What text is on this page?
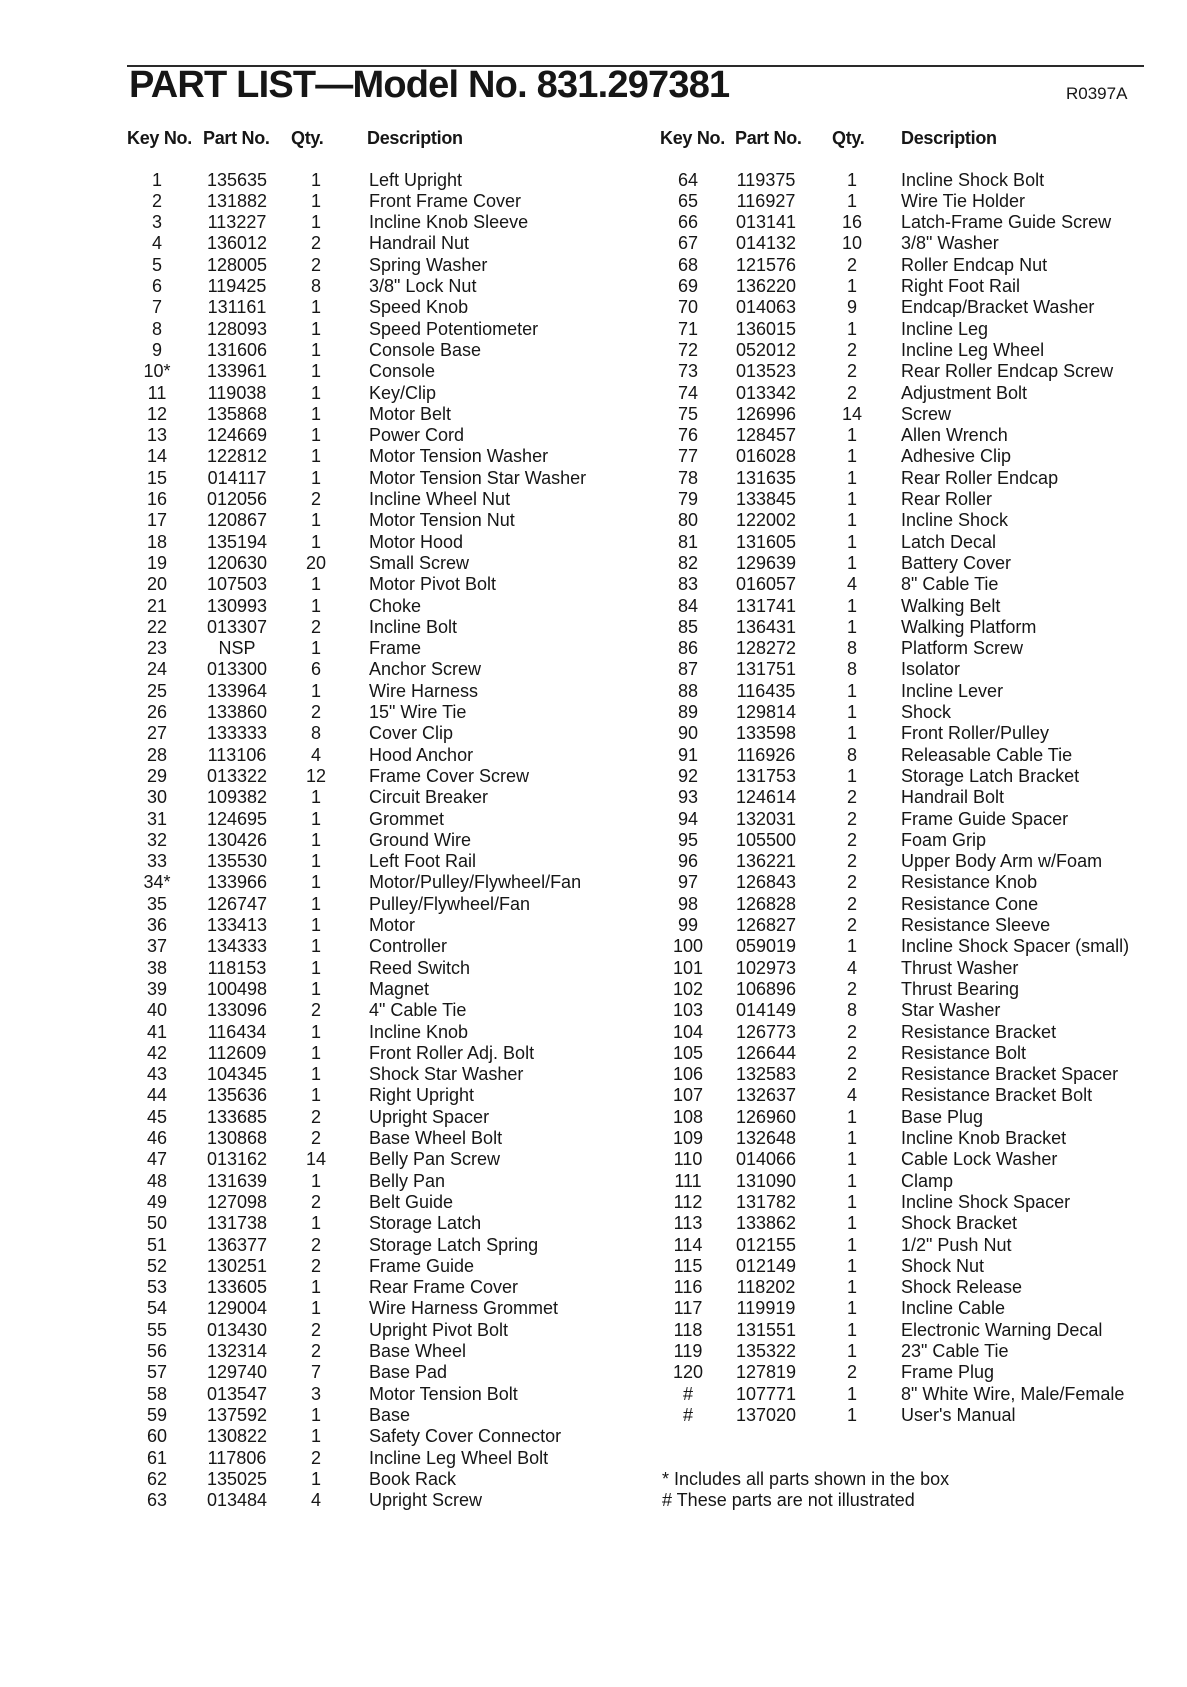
PART LIST—Model No. 831.297381	R0397A
Key No. Part No. Qty. Description	Key No. Part No. Qty. Description
1	135635	1	Left Upright
2	131882	1	Front Frame Cover
3	113227	1	Incline Knob Sleeve
4	136012	2	Handrail Nut
5	128005	2	Spring Washer
6	119425	8	3/8" Lock Nut
7	131161	1	Speed Knob
8	128093	1	Speed Potentiometer
9	131606	1	Console Base
10*	133961	1	Console
11	119038	1	Key/Clip
12	135868	1	Motor Belt
13	124669	1	Power Cord
14	122812	1	Motor Tension Washer
15	014117	1	Motor Tension Star Washer
16	012056	2	Incline Wheel Nut
17	120867	1	Motor Tension Nut
18	135194	1	Motor Hood
19	120630	20	Small Screw
20	107503	1	Motor Pivot Bolt
21	130993	1	Choke
22	013307	2	Incline Bolt
23	NSP	1	Frame
24	013300	6	Anchor Screw
25	133964	1	Wire Harness
26	133860	2	15" Wire Tie
27	133333	8	Cover Clip
28	113106	4	Hood Anchor
29	013322	12	Frame Cover Screw
30	109382	1	Circuit Breaker
31	124695	1	Grommet
32	130426	1	Ground Wire
33	135530	1	Left Foot Rail
34*	133966	1	Motor/Pulley/Flywheel/Fan
35	126747	1	Pulley/Flywheel/Fan
36	133413	1	Motor
37	134333	1	Controller
38	118153	1	Reed Switch
39	100498	1	Magnet
40	133096	2	4" Cable Tie
41	116434	1	Incline Knob
42	112609	1	Front Roller Adj. Bolt
43	104345	1	Shock Star Washer
44	135636	1	Right Upright
45	133685	2	Upright Spacer
46	130868	2	Base Wheel Bolt
47	013162	14	Belly Pan Screw
48	131639	1	Belly Pan
49	127098	2	Belt Guide
50	131738	1	Storage Latch
51	136377	2	Storage Latch Spring
52	130251	2	Frame Guide
53	133605	1	Rear Frame Cover
54	129004	1	Wire Harness Grommet
55	013430	2	Upright Pivot Bolt
56	132314	2	Base Wheel
57	129740	7	Base Pad
58	013547	3	Motor Tension Bolt
59	137592	1	Base
60	130822	1	Safety Cover Connector
61	117806	2	Incline Leg Wheel Bolt
62	135025	1	Book Rack
63	013484	4	Upright Screw
64	119375	1	Incline Shock Bolt
65	116927	1	Wire Tie Holder
66	013141	16	Latch-Frame Guide Screw
67	014132	10	3/8" Washer
68	121576	2	Roller Endcap Nut
69	136220	1	Right Foot Rail
70	014063	9	Endcap/Bracket Washer
71	136015	1	Incline Leg
72	052012	2	Incline Leg Wheel
73	013523	2	Rear Roller Endcap Screw
74	013342	2	Adjustment Bolt
75	126996	14	Screw
76	128457	1	Allen Wrench
77	016028	1	Adhesive Clip
78	131635	1	Rear Roller Endcap
79	133845	1	Rear Roller
80	122002	1	Incline Shock
81	131605	1	Latch Decal
82	129639	1	Battery Cover
83	016057	4	8" Cable Tie
84	131741	1	Walking Belt
85	136431	1	Walking Platform
86	128272	8	Platform Screw
87	131751	8	Isolator
88	116435	1	Incline Lever
89	129814	1	Shock
90	133598	1	Front Roller/Pulley
91	116926	8	Releasable Cable Tie
92	131753	1	Storage Latch Bracket
93	124614	2	Handrail Bolt
94	132031	2	Frame Guide Spacer
95	105500	2	Foam Grip
96	136221	2	Upper Body Arm w/Foam
97	126843	2	Resistance Knob
98	126828	2	Resistance Cone
99	126827	2	Resistance Sleeve
100	059019	1	Incline Shock Spacer (small)
101	102973	4	Thrust Washer
102	106896	2	Thrust Bearing
103	014149	8	Star Washer
104	126773	2	Resistance Bracket
105	126644	2	Resistance Bolt
106	132583	2	Resistance Bracket Spacer
107	132637	4	Resistance Bracket Bolt
108	126960	1	Base Plug
109	132648	1	Incline Knob Bracket
110	014066	1	Cable Lock Washer
111	131090	1	Clamp
112	131782	1	Incline Shock Spacer
113	133862	1	Shock Bracket
114	012155	1	1/2" Push Nut
115	012149	1	Shock Nut
116	118202	1	Shock Release
117	119919	1	Incline Cable
118	131551	1	Electronic Warning Decal
119	135322	1	23" Cable Tie
120	127819	2	Frame Plug
#	107771	1	8" White Wire, Male/Female
#	137020	1	User's Manual
* Includes all parts shown in the box
# These parts are not illustrated
